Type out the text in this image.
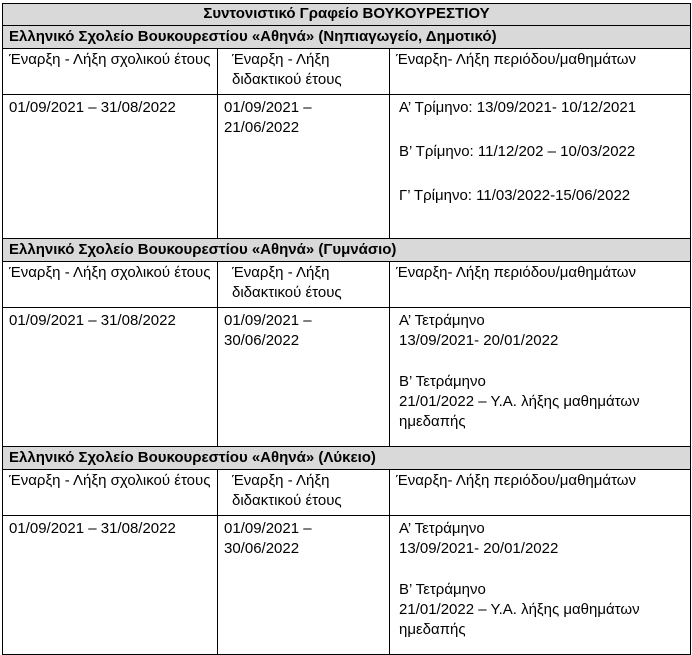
Συντονιστικό Γραφείο ΒΟΥΚΟΥΡΕΣΤΙΟΥ		
Ελληνικό Σχολείο Βουκουρεστίου «Αθηνά» (Νηπιαγωγείο, Δημοτικό)		
Έναρξη - Λήξη σχολικού έτους	Έναρξη - Λήξη διδακτικού έτους	Έναρξη- Λήξη περιόδου/μαθημάτων
01/09/2021 – 31/08/2022	01/09/2021 – 21/06/2022	Α’ Τρίμηνο: 13/09/2021- 10/12/2021
Β’ Τρίμηνο: 11/12/202 – 10/03/2022
Γ’ Τρίμηνο: 11/03/2022-15/06/2022

Ελληνικό Σχολείο Βουκουρεστίου «Αθηνά» (Γυμνάσιο)		
Έναρξη - Λήξη σχολικού έτους	Έναρξη - Λήξη διδακτικού έτους	Έναρξη- Λήξη περιόδου/μαθημάτων
01/09/2021 – 31/08/2022	01/09/2021 – 30/06/2022	Α’ Τετράμηνο
13/09/2021- 20/01/2022
Β’ Τετράμηνο
21/01/2022 – Υ.Α. λήξης μαθημάτων ημεδαπής

Ελληνικό Σχολείο Βουκουρεστίου «Αθηνά» (Λύκειο)		
Έναρξη - Λήξη σχολικού έτους	Έναρξη - Λήξη διδακτικού έτους	Έναρξη- Λήξη περιόδου/μαθημάτων
01/09/2021 – 31/08/2022	01/09/2021 – 30/06/2022	Α’ Τετράμηνο
13/09/2021- 20/01/2022
Β’ Τετράμηνο
21/01/2022 – Υ.Α. λήξης μαθημάτων ημεδαπής
